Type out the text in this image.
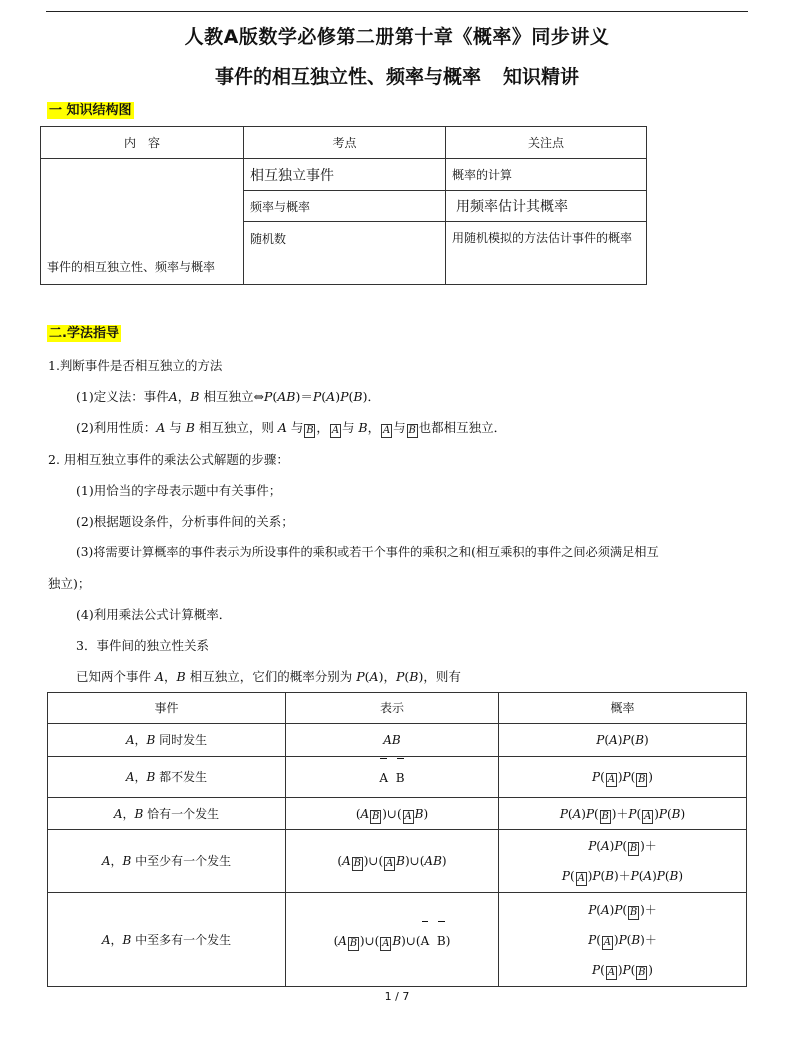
人教A版数学必修第二册第十章《概率》同步讲义
事件的相互独立性、频率与概率 知识精讲
一 知识结构图
内　容	考点	关注点
事件的相互独立性、频率与概率	相互独立事件	概率的计算
	频率与概率	用频率估计其概率
	随机数	用随机模拟的方法估计事件的概率
二.学法指导
1.判断事件是否相互独立的方法
(1)定义法：事件A，B 相互独立⇔P(AB)＝P(A)P(B)．
(2)利用性质：A 与 B 相互独立，则 A 与 B ， A 与 B， A 与 B 也都相互独立．
2. 用相互独立事件的乘法公式解题的步骤：
(1)用恰当的字母表示题中有关事件；
(2)根据题设条件，分析事件间的关系；
(3)将需要计算概率的事件表示为所设事件的乘积或若干个事件的乘积之和(相互乘积的事件之间必须满足相互
独立)；
(4)利用乘法公式计算概率．
3．事件间的独立性关系
已知两个事件 A，B 相互独立，它们的概率分别为 P(A)，P(B)，则有
事件	表示	概率
A，B 同时发生	AB	P(A)P(B)
A，B 都不发生	A B	P( A )P( B )
A，B 恰有一个发生	(A B )∪( A B)	P(A)P( B )＋P( A )P(B)
A，B 中至少有一个发生	(A B )∪( A B)∪(AB)	P(A)P( B )＋
P( A )P(B)＋P(A)P(B)
A，B 中至多有一个发生	(A B )∪( A B)∪(A B)	P(A)P( B )＋
P( A )P(B)＋
P( A )P( B )
1 / 7
